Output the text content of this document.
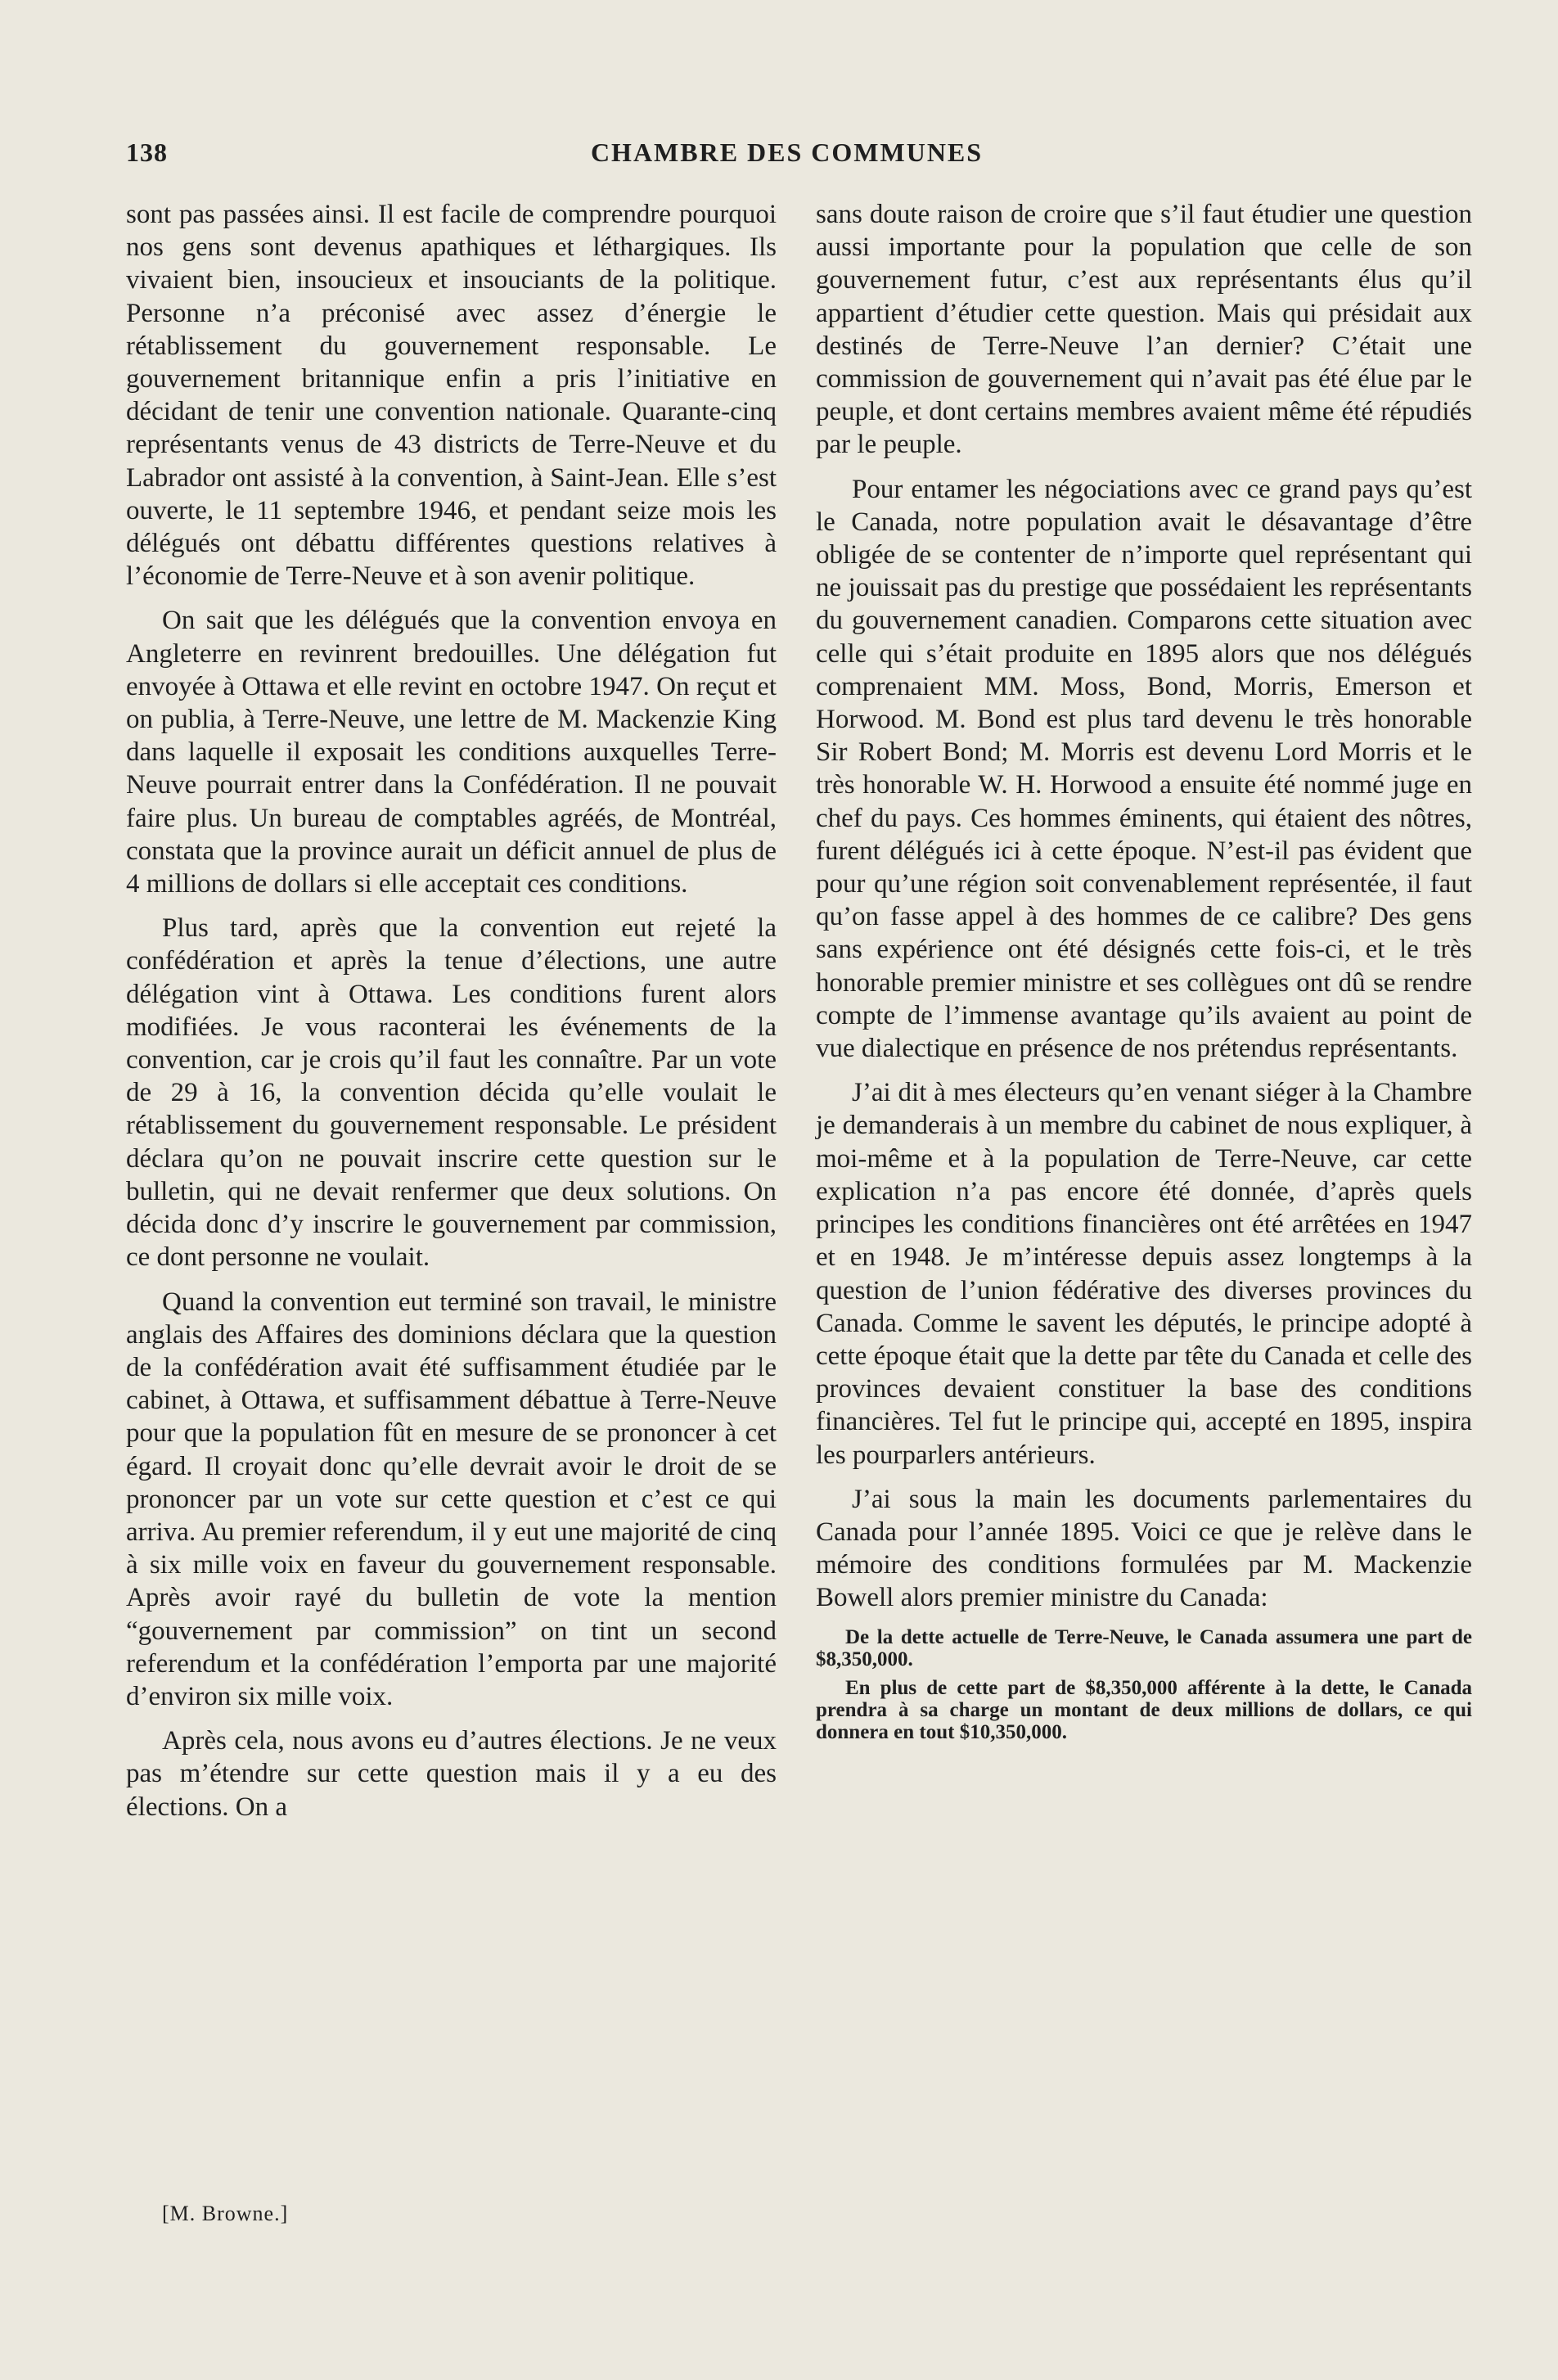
138	CHAMBRE DES COMMUNES

sont pas passées ainsi. Il est facile de comprendre pourquoi nos gens sont devenus apathiques et léthargiques. Ils vivaient bien, insoucieux et insouciants de la politique. Personne n’a préconisé avec assez d’énergie le rétablissement du gouvernement responsable. Le gouvernement britannique enfin a pris l’initiative en décidant de tenir une convention nationale. Quarante-cinq représentants venus de 43 districts de Terre-Neuve et du Labrador ont assisté à la convention, à Saint-Jean. Elle s’est ouverte, le 11 septembre 1946, et pendant seize mois les délégués ont débattu différentes questions relatives à l’économie de Terre-Neuve et à son avenir politique.

On sait que les délégués que la convention envoya en Angleterre en revinrent bredouilles. Une délégation fut envoyée à Ottawa et elle revint en octobre 1947. On reçut et on publia, à Terre-Neuve, une lettre de M. Mackenzie King dans laquelle il exposait les conditions auxquelles Terre-Neuve pourrait entrer dans la Confédération. Il ne pouvait faire plus. Un bureau de comptables agréés, de Montréal, constata que la province aurait un déficit annuel de plus de 4 millions de dollars si elle acceptait ces conditions.

Plus tard, après que la convention eut rejeté la confédération et après la tenue d’élections, une autre délégation vint à Ottawa. Les conditions furent alors modifiées. Je vous raconterai les événements de la convention, car je crois qu’il faut les connaître. Par un vote de 29 à 16, la convention décida qu’elle voulait le rétablissement du gouvernement responsable. Le président déclara qu’on ne pouvait inscrire cette question sur le bulletin, qui ne devait renfermer que deux solutions. On décida donc d’y inscrire le gouvernement par commission, ce dont personne ne voulait.

Quand la convention eut terminé son travail, le ministre anglais des Affaires des dominions déclara que la question de la confédération avait été suffisamment étudiée par le cabinet, à Ottawa, et suffisamment débattue à Terre-Neuve pour que la population fût en mesure de se prononcer à cet égard. Il croyait donc qu’elle devrait avoir le droit de se prononcer par un vote sur cette question et c’est ce qui arriva. Au premier referendum, il y eut une majorité de cinq à six mille voix en faveur du gouvernement responsable. Après avoir rayé du bulletin de vote la mention “gouvernement par commission” on tint un second referendum et la confédération l’emporta par une majorité d’environ six mille voix.

Après cela, nous avons eu d’autres élections. Je ne veux pas m’étendre sur cette question mais il y a eu des élections. On a

sans doute raison de croire que s’il faut étudier une question aussi importante pour la population que celle de son gouvernement futur, c’est aux représentants élus qu’il appartient d’étudier cette question. Mais qui présidait aux destinés de Terre-Neuve l’an dernier? C’était une commission de gouvernement qui n’avait pas été élue par le peuple, et dont certains membres avaient même été répudiés par le peuple.

Pour entamer les négociations avec ce grand pays qu’est le Canada, notre population avait le désavantage d’être obligée de se contenter de n’importe quel représentant qui ne jouissait pas du prestige que possédaient les représentants du gouvernement canadien. Comparons cette situation avec celle qui s’était produite en 1895 alors que nos délégués comprenaient MM. Moss, Bond, Morris, Emerson et Horwood. M. Bond est plus tard devenu le très honorable Sir Robert Bond; M. Morris est devenu Lord Morris et le très honorable W. H. Horwood a ensuite été nommé juge en chef du pays. Ces hommes éminents, qui étaient des nôtres, furent délégués ici à cette époque. N’est-il pas évident que pour qu’une région soit convenablement représentée, il faut qu’on fasse appel à des hommes de ce calibre? Des gens sans expérience ont été désignés cette fois-ci, et le très honorable premier ministre et ses collègues ont dû se rendre compte de l’immense avantage qu’ils avaient au point de vue dialectique en présence de nos prétendus représentants.

J’ai dit à mes électeurs qu’en venant siéger à la Chambre je demanderais à un membre du cabinet de nous expliquer, à moi-même et à la population de Terre-Neuve, car cette explication n’a pas encore été donnée, d’après quels principes les conditions financières ont été arrêtées en 1947 et en 1948. Je m’intéresse depuis assez longtemps à la question de l’union fédérative des diverses provinces du Canada. Comme le savent les députés, le principe adopté à cette époque était que la dette par tête du Canada et celle des provinces devaient constituer la base des conditions financières. Tel fut le principe qui, accepté en 1895, inspira les pourparlers antérieurs.

J’ai sous la main les documents parlementaires du Canada pour l’année 1895. Voici ce que je relève dans le mémoire des conditions formulées par M. Mackenzie Bowell alors premier ministre du Canada:

De la dette actuelle de Terre-Neuve, le Canada assumera une part de $8,350,000.

En plus de cette part de $8,350,000 afférente à la dette, le Canada prendra à sa charge un montant de deux millions de dollars, ce qui donnera en tout $10,350,000.

[M. Browne.]
